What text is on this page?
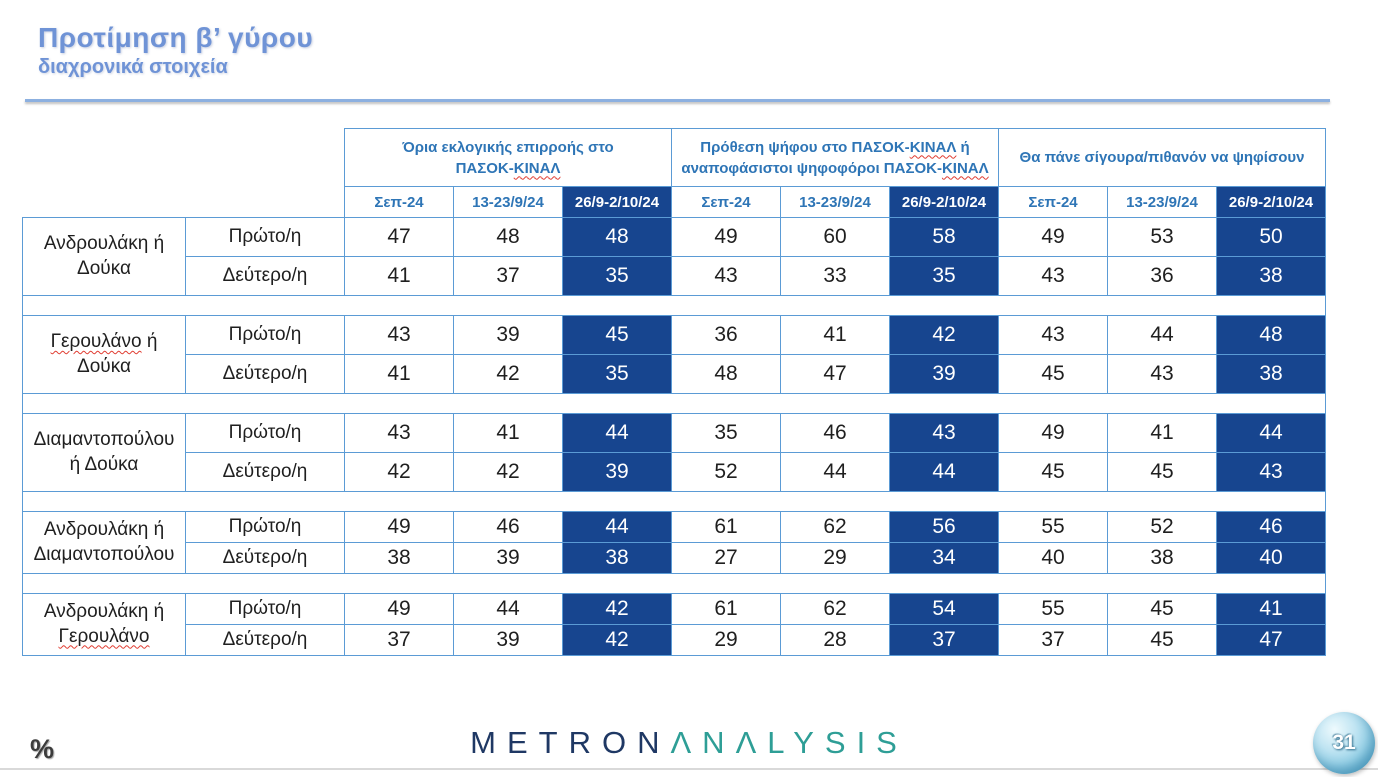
Προτίμηση β’ γύρου
διαχρονικά στοιχεία

Όρια εκλογικής επιρροής στο
ΠΑΣΟΚ-ΚΙΝΑΛ

Πρόθεση ψήφου στο ΠΑΣΟΚ-ΚΙΝΑΛ ή
αναποφάσιστοι ψηφοφόροι ΠΑΣΟΚ-ΚΙΝΑΛ

Θα πάνε σίγουρα/πιθανόν να ψηφίσουν

		Σεπ-24	13-23/9/24	26/9-2/10/24	Σεπ-24	13-23/9/24	26/9-2/10/24	Σεπ-24	13-23/9/24	26/9-2/10/24

Ανδρουλάκη ή
Δούκα	Πρώτο/η	47	48	48	49	60	58	49	53	50
	Δεύτερο/η	41	37	35	43	33	35	43	36	38

Γερουλάνο ή
Δούκα	Πρώτο/η	43	39	45	36	41	42	43	44	48
	Δεύτερο/η	41	42	35	48	47	39	45	43	38

Διαμαντοπούλου
ή Δούκα	Πρώτο/η	43	41	44	35	46	43	49	41	44
	Δεύτερο/η	42	42	39	52	44	44	45	45	43

Ανδρουλάκη ή
Διαμαντοπούλου	Πρώτο/η	49	46	44	61	62	56	55	52	46
	Δεύτερο/η	38	39	38	27	29	34	40	38	40

Ανδρουλάκη ή
Γερουλάνο	Πρώτο/η	49	44	42	61	62	54	55	45	41
	Δεύτερο/η	37	39	42	29	28	37	37	45	47
%	METRONΛNΛLYSIS	31
